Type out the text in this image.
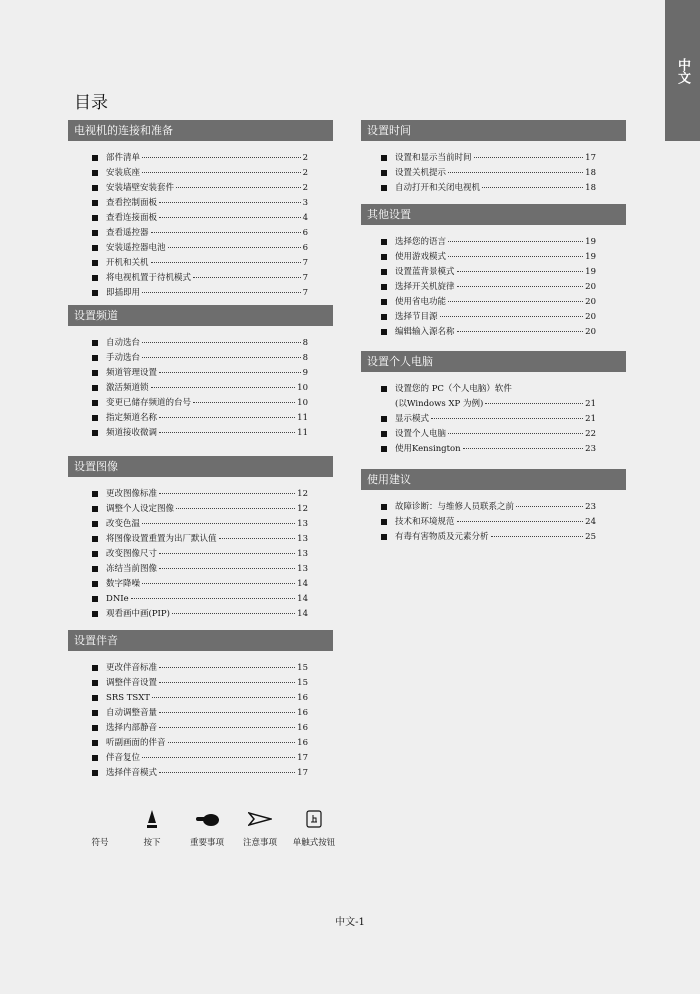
中文
目录
电视机的连接和准备
部件清单	2
安装底座	2
安装墙壁安装套件	2
查看控制面板	3
查看连接面板	4
查看遥控器	6
安装遥控器电池	6
开机和关机	7
将电视机置于待机模式	7
即插即用	7
设置频道
自动选台	8
手动选台	8
频道管理设置	9
激活频道锁	10
变更已储存频道的台号	10
指定频道名称	11
频道接收微调	11
设置图像
更改图像标准	12
调整个人设定图像	12
改变色温	13
将图像设置重置为出厂默认值	13
改变图像尺寸	13
冻结当前图像	13
数字降噪	14
DNIe	14
观看画中画(PIP)	14
设置伴音
更改伴音标准	15
调整伴音设置	15
SRS TSXT	16
自动调整音量	16
选择内部静音	16
听副画面的伴音	16
伴音复位	17
选择伴音模式	17
设置时间
设置和显示当前时间	17
设置关机提示	18
自动打开和关闭电视机	18
其他设置
选择您的语言	19
使用游戏模式	19
设置蓝背景模式	19
选择开关机旋律	20
使用省电功能	20
选择节目源	20
编辑输入源名称	20
设置个人电脑
设置您的 PC（个人电脑）软件
(以Windows XP 为例)	21
显示模式	21
设置个人电脑	22
使用Kensington	23
使用建议
故障诊断：与维修人员联系之前	23
技术和环境规范	24
有毒有害物质及元素分析	25
符号	按下	重要事项	注意事项	单触式按钮
中文-1
